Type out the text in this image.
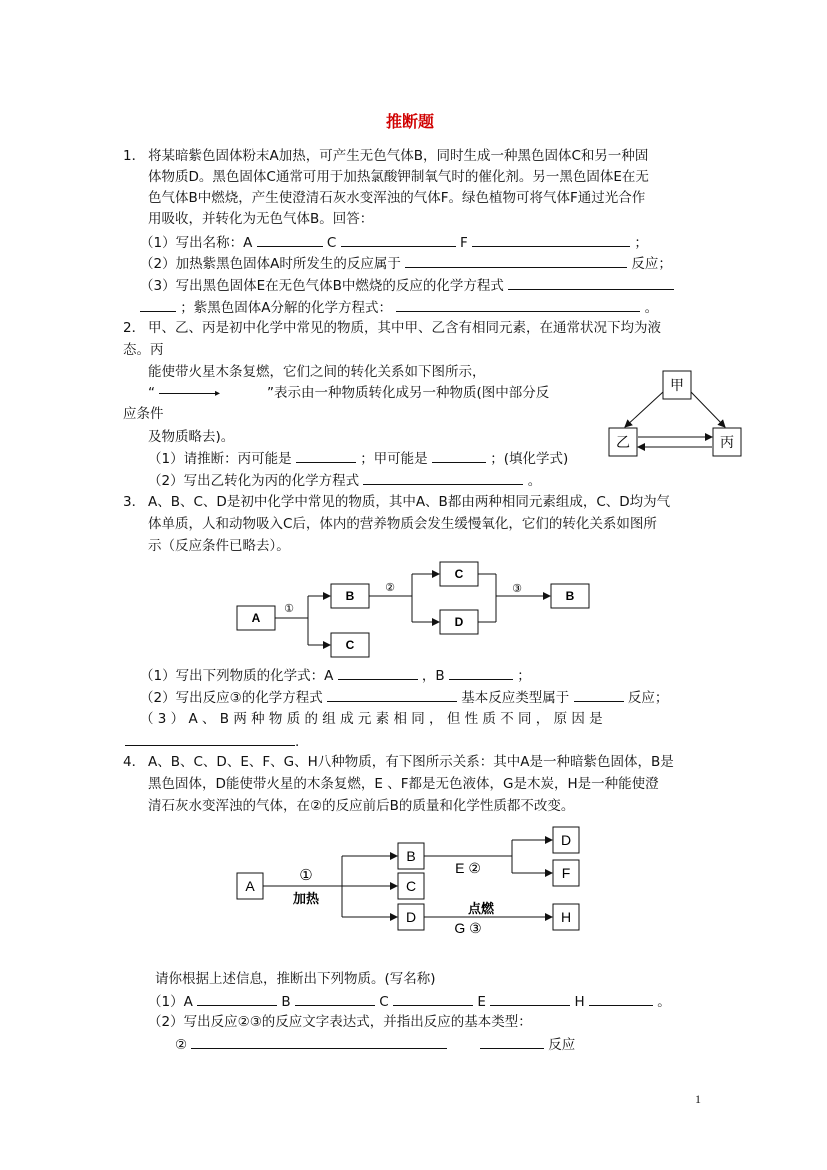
推断题
1． 将某暗紫色固体粉末A加热，可产生无色气体B，同时生成一种黑色固体C和另一种固
体物质D。黑色固体C通常可用于加热氯酸钾制氧气时的催化剂。另一黑色固体E在无
色气体B中燃烧，产生使澄清石灰水变浑浊的气体F。绿色植物可将气体F通过光合作
用吸收，并转化为无色气体B。回答：
（1）写出名称：A	C	F	；
（2）加热紫黑色固体A时所发生的反应属于	反应；
（3）写出黑色固体E在无色气体B中燃烧的反应的化学方程式
；紫黑色固体A分解的化学方程式：	。
2． 甲、乙、丙是初中化学中常见的物质，其中甲、乙含有相同元素，在通常状况下均为液
态。丙
能使带火星木条复燃，它们之间的转化关系如下图所示，
“	▸	”表示由一种物质转化成另一种物质(图中部分反
应条件
及物质略去)。
（1）请推断：丙可能是	；甲可能是	；(填化学式)
（2）写出乙转化为丙的化学方程式	。
3． A、B、C、D是初中化学中常见的物质，其中A、B都由两种相同元素组成，C、D均为气
体单质，人和动物吸入C后，体内的营养物质会发生缓慢氧化，它们的转化关系如图所
示（反应条件已略去）。
（1）写出下列物质的化学式：A	，B	；
（2）写出反应③的化学方程式	基本反应类型属于	反应；
（ 3 ） A 、 B 两 种 物 质 的 组 成 元 素 相 同 ， 但 性 质 不 同 ， 原 因 是
.
4． A、B、C、D、E、F、G、H八种物质，有下图所示关系：其中A是一种暗紫色固体，B是
黑色固体，D能使带火星的木条复燃，E 、F都是无色液体，G是木炭，H是一种能使澄
清石灰水变浑浊的气体，在②的反应前后B的质量和化学性质都不改变。
请你根据上述信息，推断出下列物质。(写名称)
（1）A	B	C	E	H	。
（2）写出反应②③的反应文字表达式，并指出反应的基本类型：
②	反应
1
甲
乙	丙
A
B
C
C
D
B
①
②	③
A
B
C
D
D
F
H
①
加热
E ②
点燃
G ③
